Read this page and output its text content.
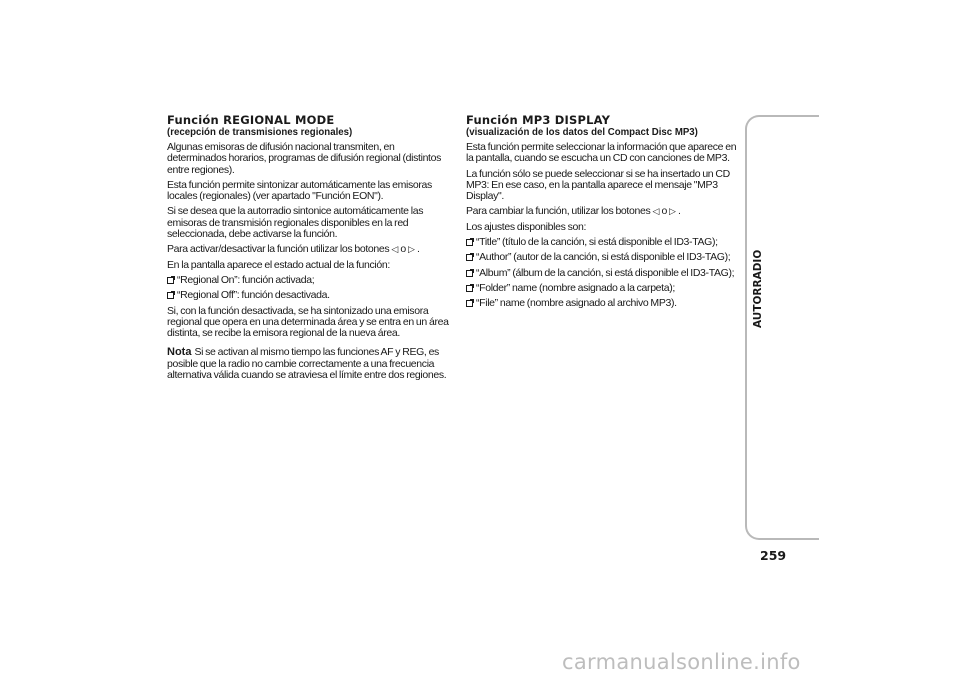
Función REGIONAL MODE
(recepción de transmisiones regionales)

Algunas emisoras de difusión nacional transmiten, en determinados horarios, programas de difusión regional (distintos entre regiones).

Esta función permite sintonizar automáticamente las emisoras locales (regionales) (ver apartado "Función EON").

Si se desea que la autorradio sintonice automáticamente las emisoras de transmisión regionales disponibles en la red seleccionada, debe activarse la función.

Para activar/desactivar la función utilizar los botones ◁ o ▷ .

En la pantalla aparece el estado actual de la función:

“Regional On”: función activada;
“Regional Off”: función desactivada.

Si, con la función desactivada, se ha sintonizado una emisora regional que opera en una determinada área y se entra en un área distinta, se recibe la emisora regional de la nueva área.

Nota Si se activan al mismo tiempo las funciones AF y REG, es posible que la radio no cambie correctamente a una frecuencia alternativa válida cuando se atraviesa el límite entre dos regiones.

Función MP3 DISPLAY
(visualización de los datos del Compact Disc MP3)

Esta función permite seleccionar la información que aparece en la pantalla, cuando se escucha un CD con canciones de MP3.

La función sólo se puede seleccionar si se ha insertado un CD MP3: En ese caso, en la pantalla aparece el mensaje "MP3 Display".

Para cambiar la función, utilizar los botones ◁ o ▷ .

Los ajustes disponibles son:

“Title” (título de la canción, si está disponible el ID3-TAG);
“Author” (autor de la canción, si está disponible el ID3-TAG);
“Album” (álbum de la canción, si está disponible el ID3-TAG);
“Folder” name (nombre asignado a la carpeta);
“File” name (nombre asignado al archivo MP3).	AUTORRADIO
259
carmanualsonline.info
